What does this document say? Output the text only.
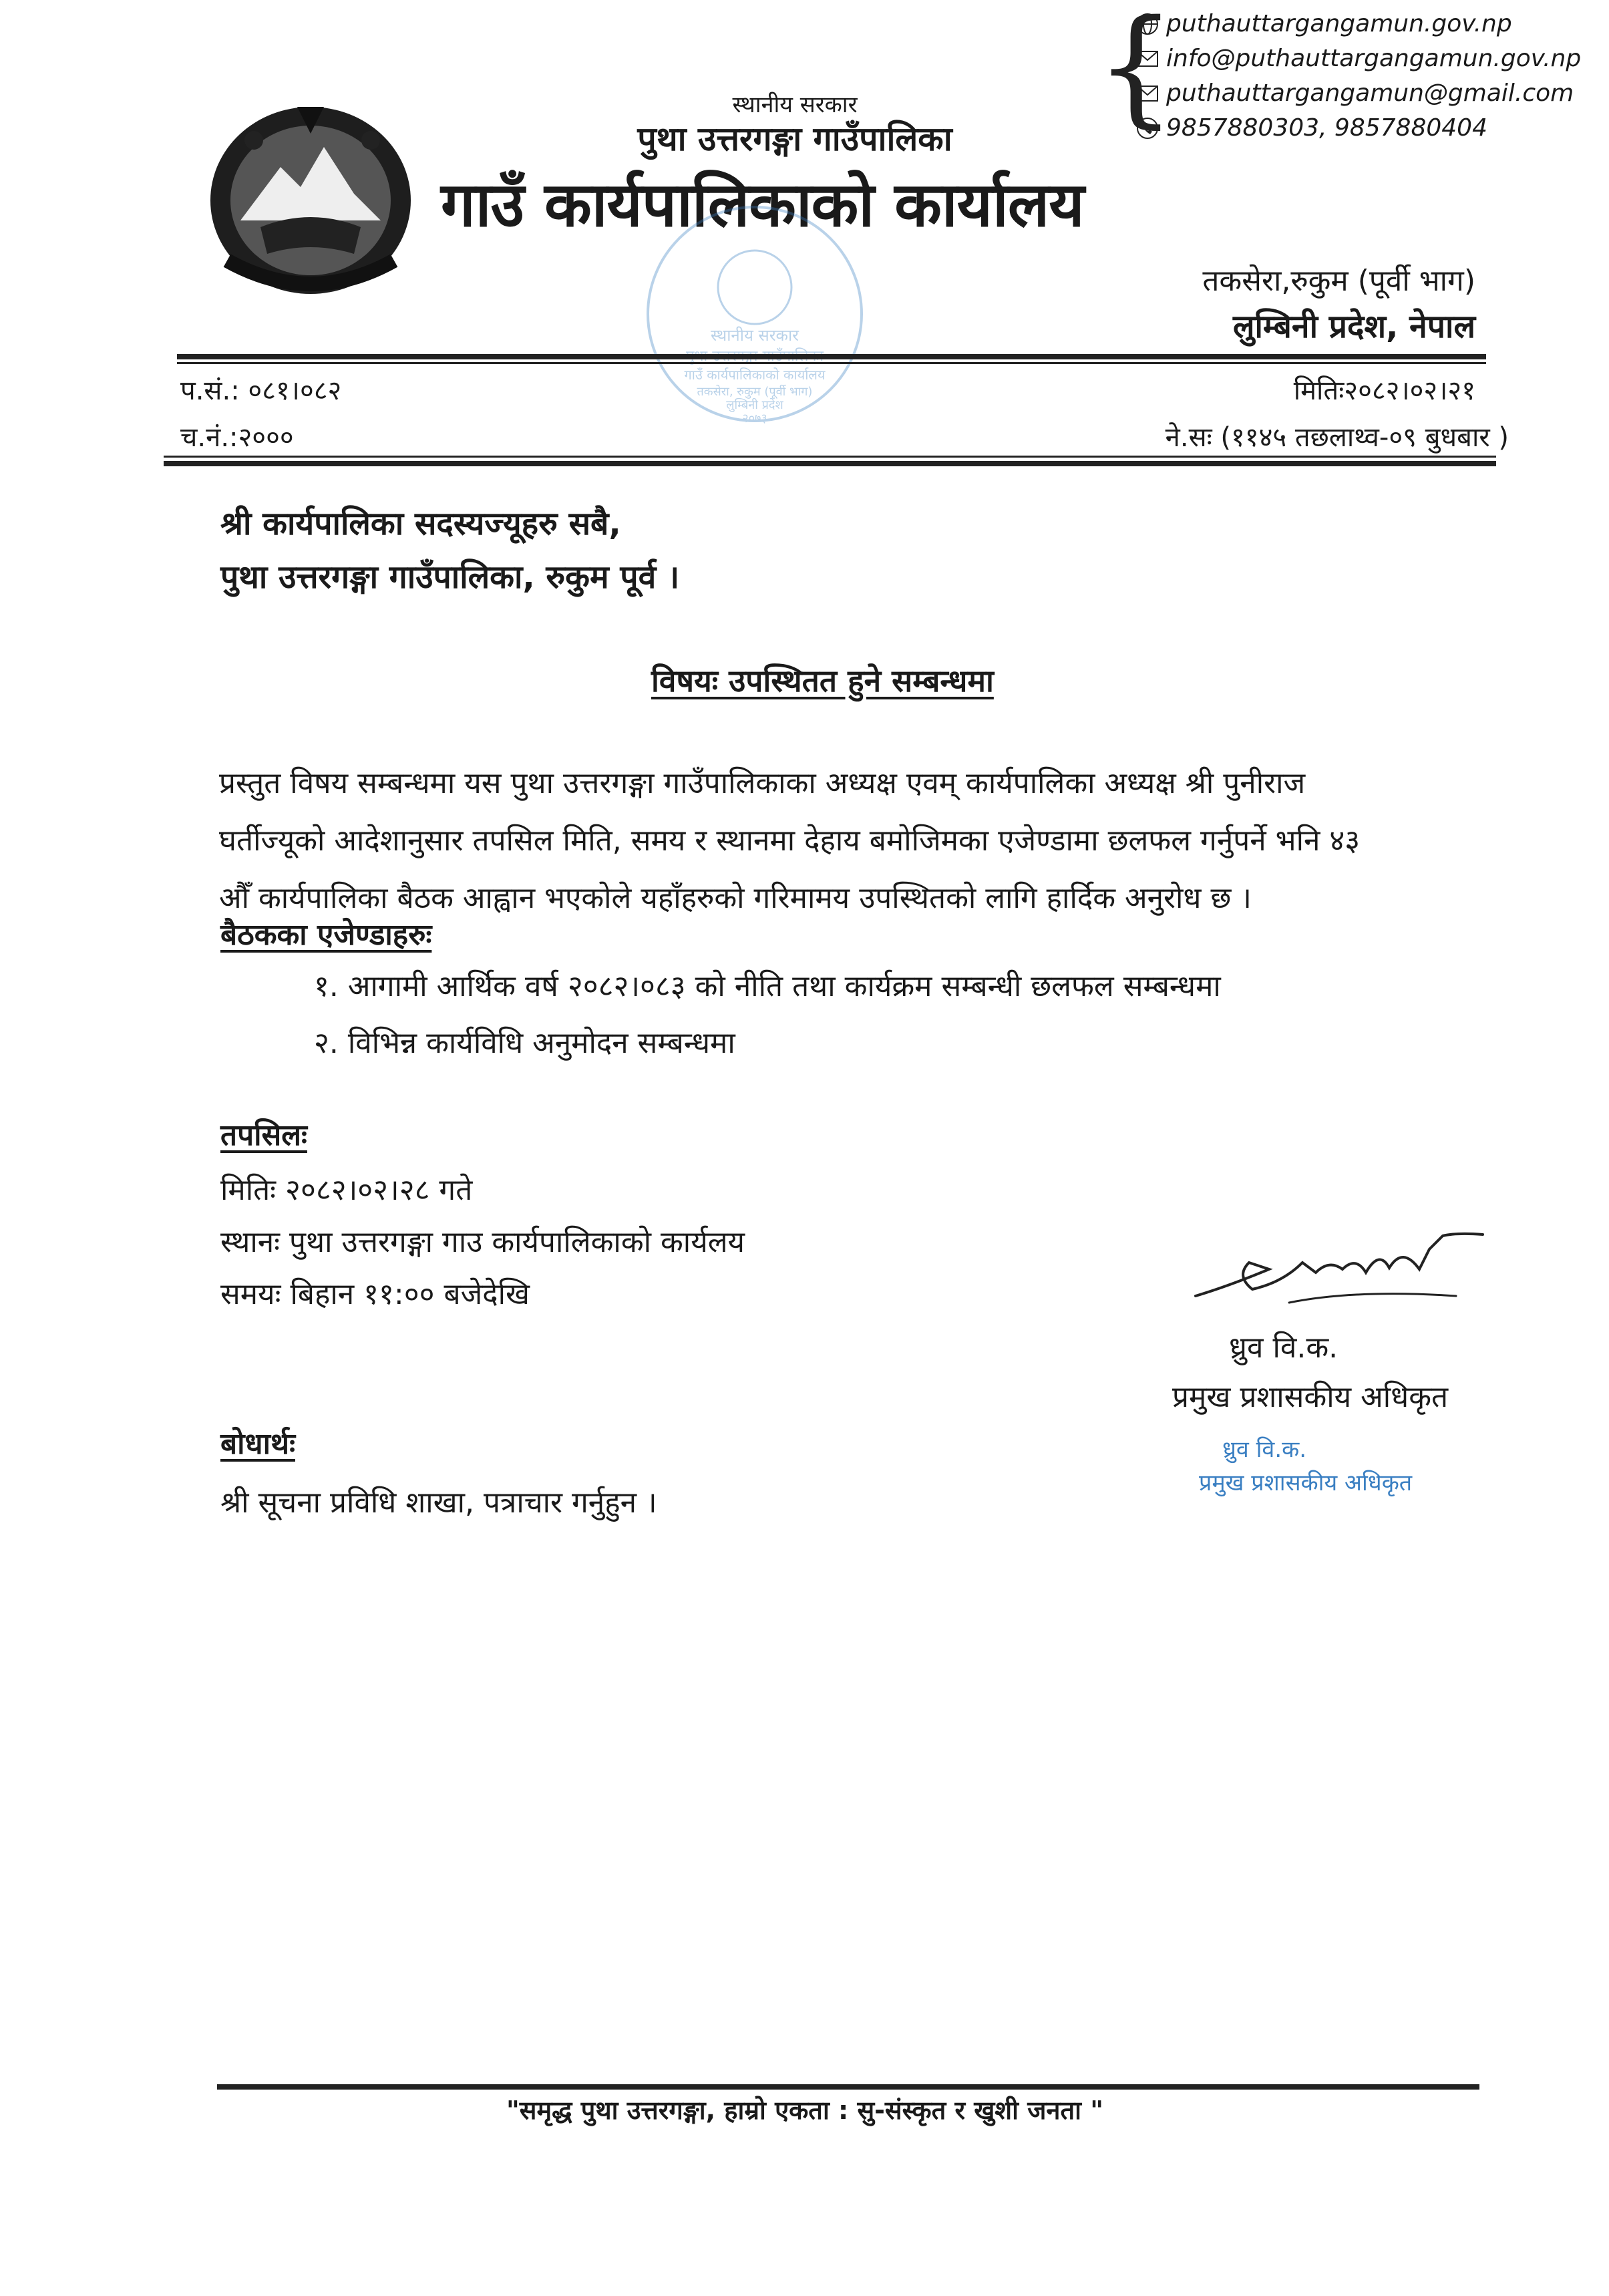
स्थानीय सरकार
पुथा उत्तरगङ्गा गाउँपालिका
गाउँ कार्यपालिकाको कार्यालय
{
puthauttargangamun.gov.np
info@puthauttargangamun.gov.np
puthauttargangamun@gmail.com
9857880303, 9857880404
तकसेरा,रुकुम (पूर्वी भाग)
लुम्बिनी प्रदेश, नेपाल
स्थानीय सरकार
गाउँ कार्यपालिकाको कार्यालय
तकसेरा, रुकुम (पूर्वी भाग)
लुम्बिनी प्रदेश
२०७३
प.सं.: ०८१।०८२	मितिः२०८२।०२।२१
च.नं.:२०००	ने.सः (११४५ तछलाथ्व-०९ बुधबार )
श्री कार्यपालिका सदस्यज्यूहरु सबै,
पुथा उत्तरगङ्गा गाउँपालिका, रुकुम पूर्व ।
विषयः उपस्थितत हुने सम्बन्धमा
प्रस्तुत विषय सम्बन्धमा यस पुथा उत्तरगङ्गा गाउँपालिकाका अध्यक्ष एवम् कार्यपालिका अध्यक्ष श्री पुनीराज
घर्तीज्यूको आदेशानुसार तपसिल मिति, समय र स्थानमा देहाय बमोजिमका एजेण्डामा छलफल गर्नुपर्ने भनि ४३
औँ कार्यपालिका बैठक आह्वान भएकोले यहाँहरुको गरिमामय उपस्थितको लागि हार्दिक अनुरोध छ ।
बैठकका एजेण्डाहरुः
१. आगामी आर्थिक वर्ष २०८२।०८३ को नीति तथा कार्यक्रम सम्बन्धी छलफल सम्बन्धमा
२. विभिन्न कार्यविधि अनुमोदन सम्बन्धमा
तपसिलः
मितिः २०८२।०२।२८ गते
स्थानः पुथा उत्तरगङ्गा गाउ कार्यपालिकाको कार्यलय
समयः बिहान ११:०० बजेदेखि
ध्रुव वि.क.
प्रमुख प्रशासकीय अधिकृत
ध्रुव वि.क.
प्रमुख प्रशासकीय अधिकृत
बोधार्थः
श्री सूचना प्रविधि शाखा, पत्राचार गर्नुहुन ।
"समृद्ध पुथा उत्तरगङ्गा, हाम्रो एकता : सु-संस्कृत र खुशी जनता "
